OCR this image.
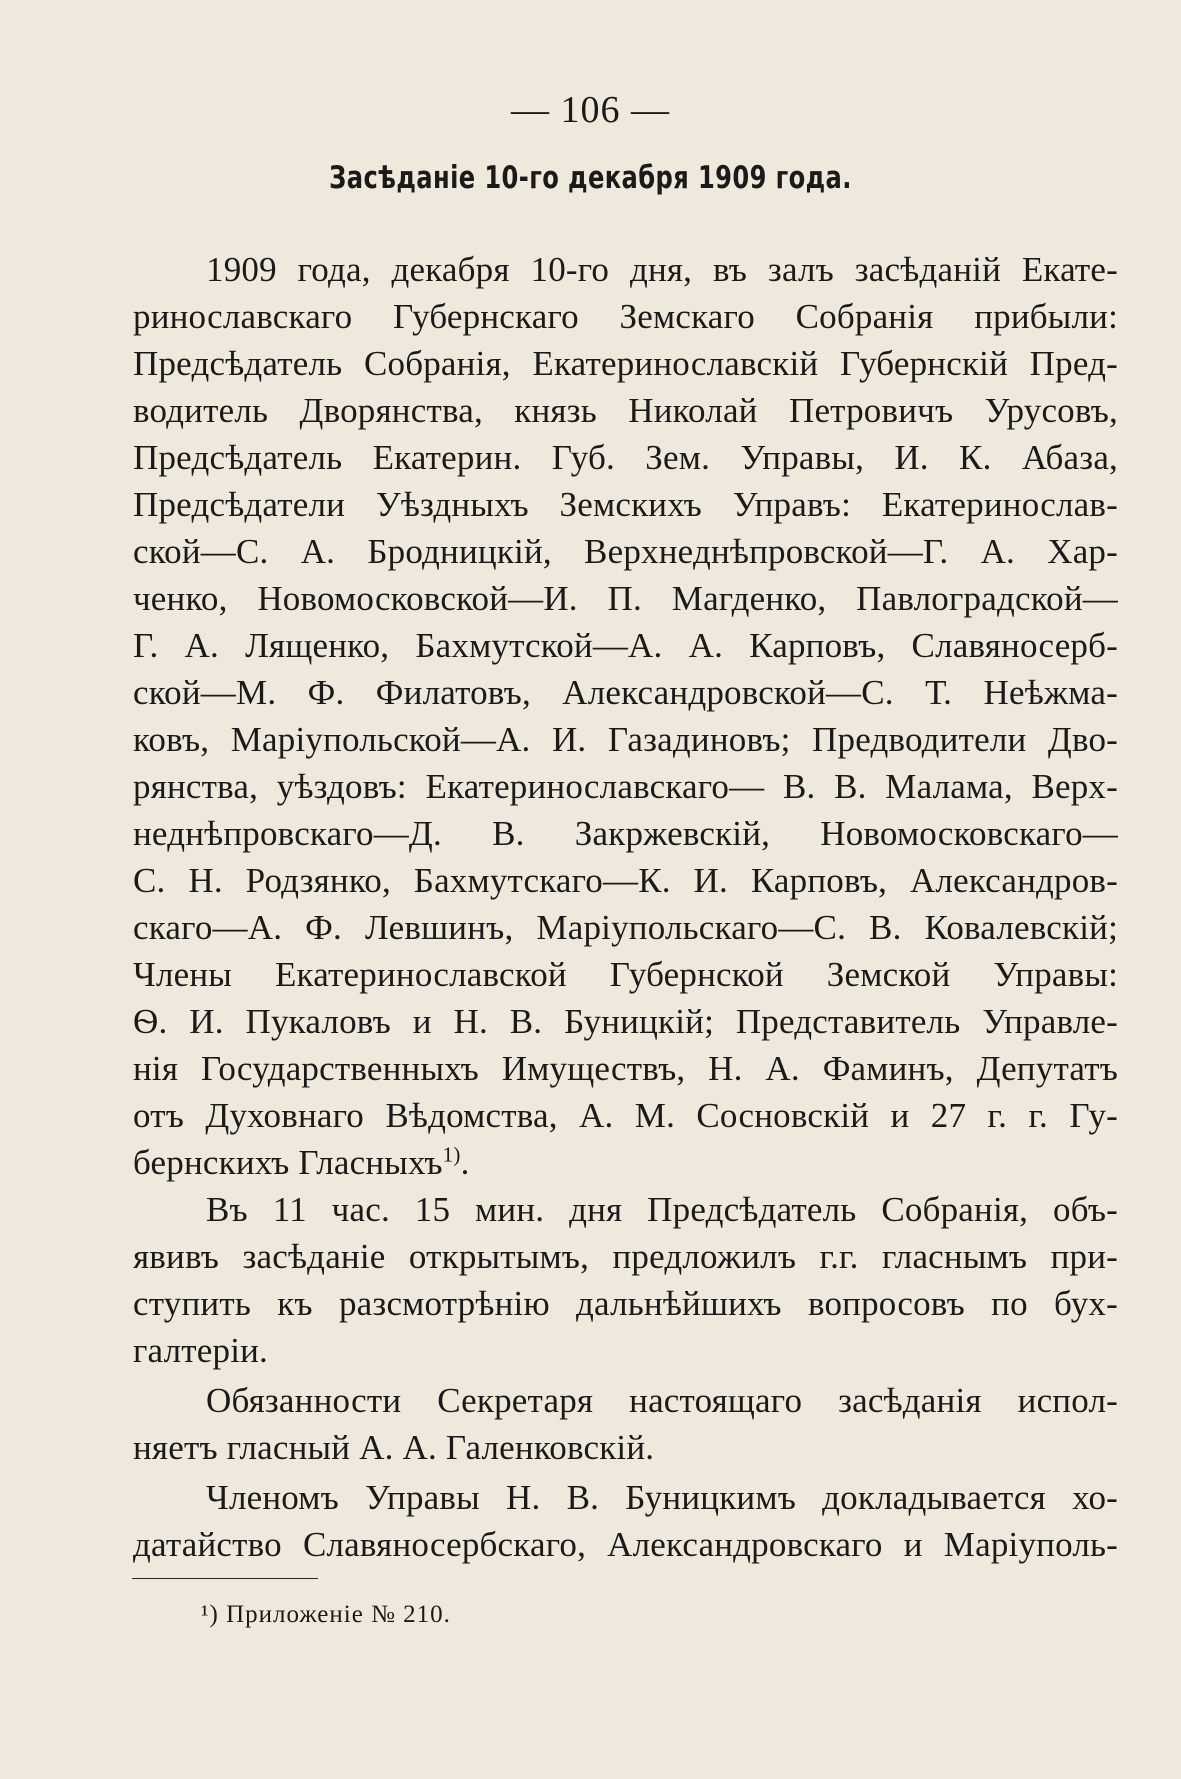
— 106 —
Засѣданіе 10-го декабря 1909 года.
1909 года, декабря 10-го дня, въ залъ засѣданій Екате-
ринославскаго Губернскаго Земскаго Собранія прибыли:
Предсѣдатель Собранія, Екатеринославскій Губернскій Пред-
водитель Дворянства, князь Николай Петровичъ Урусовъ,
Предсѣдатель Екатерин. Губ. Зем. Управы, И. К. Абаза,
Предсѣдатели Уѣздныхъ Земскихъ Управъ: Екатеринослав-
ской—С. А. Бродницкій, Верхнеднѣпровской—Г. А. Хар-
ченко, Новомосковской—И. П. Магденко, Павлоградской—
Г. А. Лященко, Бахмутской—А. А. Карповъ, Славяносерб-
ской—М. Ф. Филатовъ, Александровской—С. Т. Неѣжма-
ковъ, Маріупольской—А. И. Газадиновъ; Предводители Дво-
рянства, уѣздовъ: Екатеринославскаго— В. В. Малама, Верх-
неднѣпровскаго—Д. В. Закржевскій, Новомосковскаго—
С. Н. Родзянко, Бахмутскаго—К. И. Карповъ, Александров-
скаго—А. Ф. Левшинъ, Маріупольскаго—С. В. Ковалевскій;
Члены Екатеринославской Губернской Земской Управы:
Ѳ. И. Пукаловъ и Н. В. Буницкій; Представитель Управле-
нія Государственныхъ Имуществъ, Н. А. Фаминъ, Депутатъ
отъ Духовнаго Вѣдомства, А. М. Сосновскій и 27 г. г. Гу-
бернскихъ Гласныхъ$^{1)}$.
Въ 11 час. 15 мин. дня Предсѣдатель Собранія, объ-
явивъ засѣданіе открытымъ, предложилъ г.г. гласнымъ при-
ступить къ разсмотрѣнію дальнѣйшихъ вопросовъ по бух-
галтеріи.
Обязанности Секретаря настоящаго засѣданія испол-
няетъ гласный А. А. Галенковскій.
Членомъ Управы Н. В. Буницкимъ докладывается хо-
датайство Славяносербскаго, Александровскаго и Маріуполь-
¹) Приложеніе № 210.
